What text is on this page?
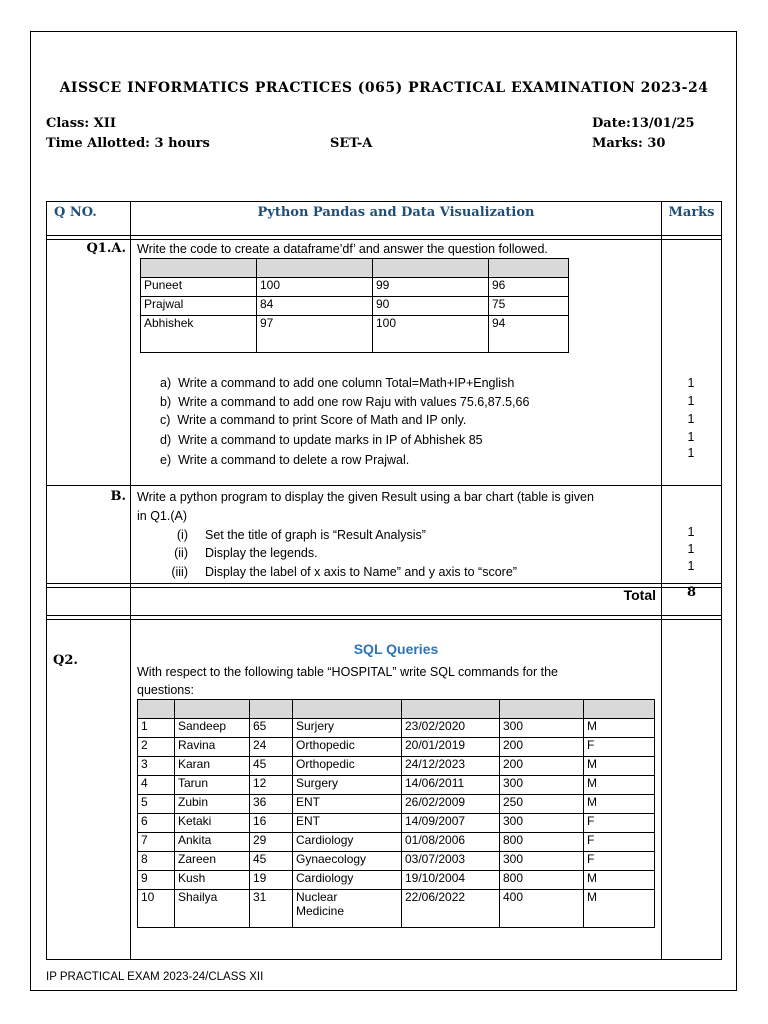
AISSCE INFORMATICS PRACTICES (065) PRACTICAL EXAMINATION 2023-24
Class: XII	Date:13/01/25
Time Allotted: 3 hours	SET-A	Marks: 30
Q NO.	Python Pandas and Data Visualization	Marks
Q1.A. Write the code to create a dataframe’df’ and answer the question followed.

Puneet	100	99	96
Prajwal	84	90	75
Abhishek	97	100	94
a) Write a command to add one column Total=Math+IP+English
b) Write a command to add one row Raju with values 75.6,87.5,66
c) Write a command to print Score of Math and IP only.
d) Write a command to update marks in IP of Abhishek 85
e) Write a command to delete a row Prajwal.
1
1
1
1
1
B. Write a python program to display the given Result using a bar chart (table is given
in Q1.(A)
(i) Set the title of graph is “Result Analysis”
(ii) Display the legends.
(iii) Display the label of x axis to Name” and y axis to “score”
1
1
1
Total	8
Q2.
SQL Queries
With respect to the following table “HOSPITAL” write SQL commands for the
questions:

1	Sandeep	65	Surjery	23/02/2020	300	M
2	Ravina	24	Orthopedic	20/01/2019	200	F
3	Karan	45	Orthopedic	24/12/2023	200	M
4	Tarun	12	Surgery	14/06/2011	300	M
5	Zubin	36	ENT	26/02/2009	250	M
6	Ketaki	16	ENT	14/09/2007	300	F
7	Ankita	29	Cardiology	01/08/2006	800	F
8	Zareen	45	Gynaecology	03/07/2003	300	F
9	Kush	19	Cardiology	19/10/2004	800	M
10	Shailya	31	Nuclear
Medicine	22/06/2022	400	M
IP PRACTICAL EXAM 2023-24/CLASS XII
